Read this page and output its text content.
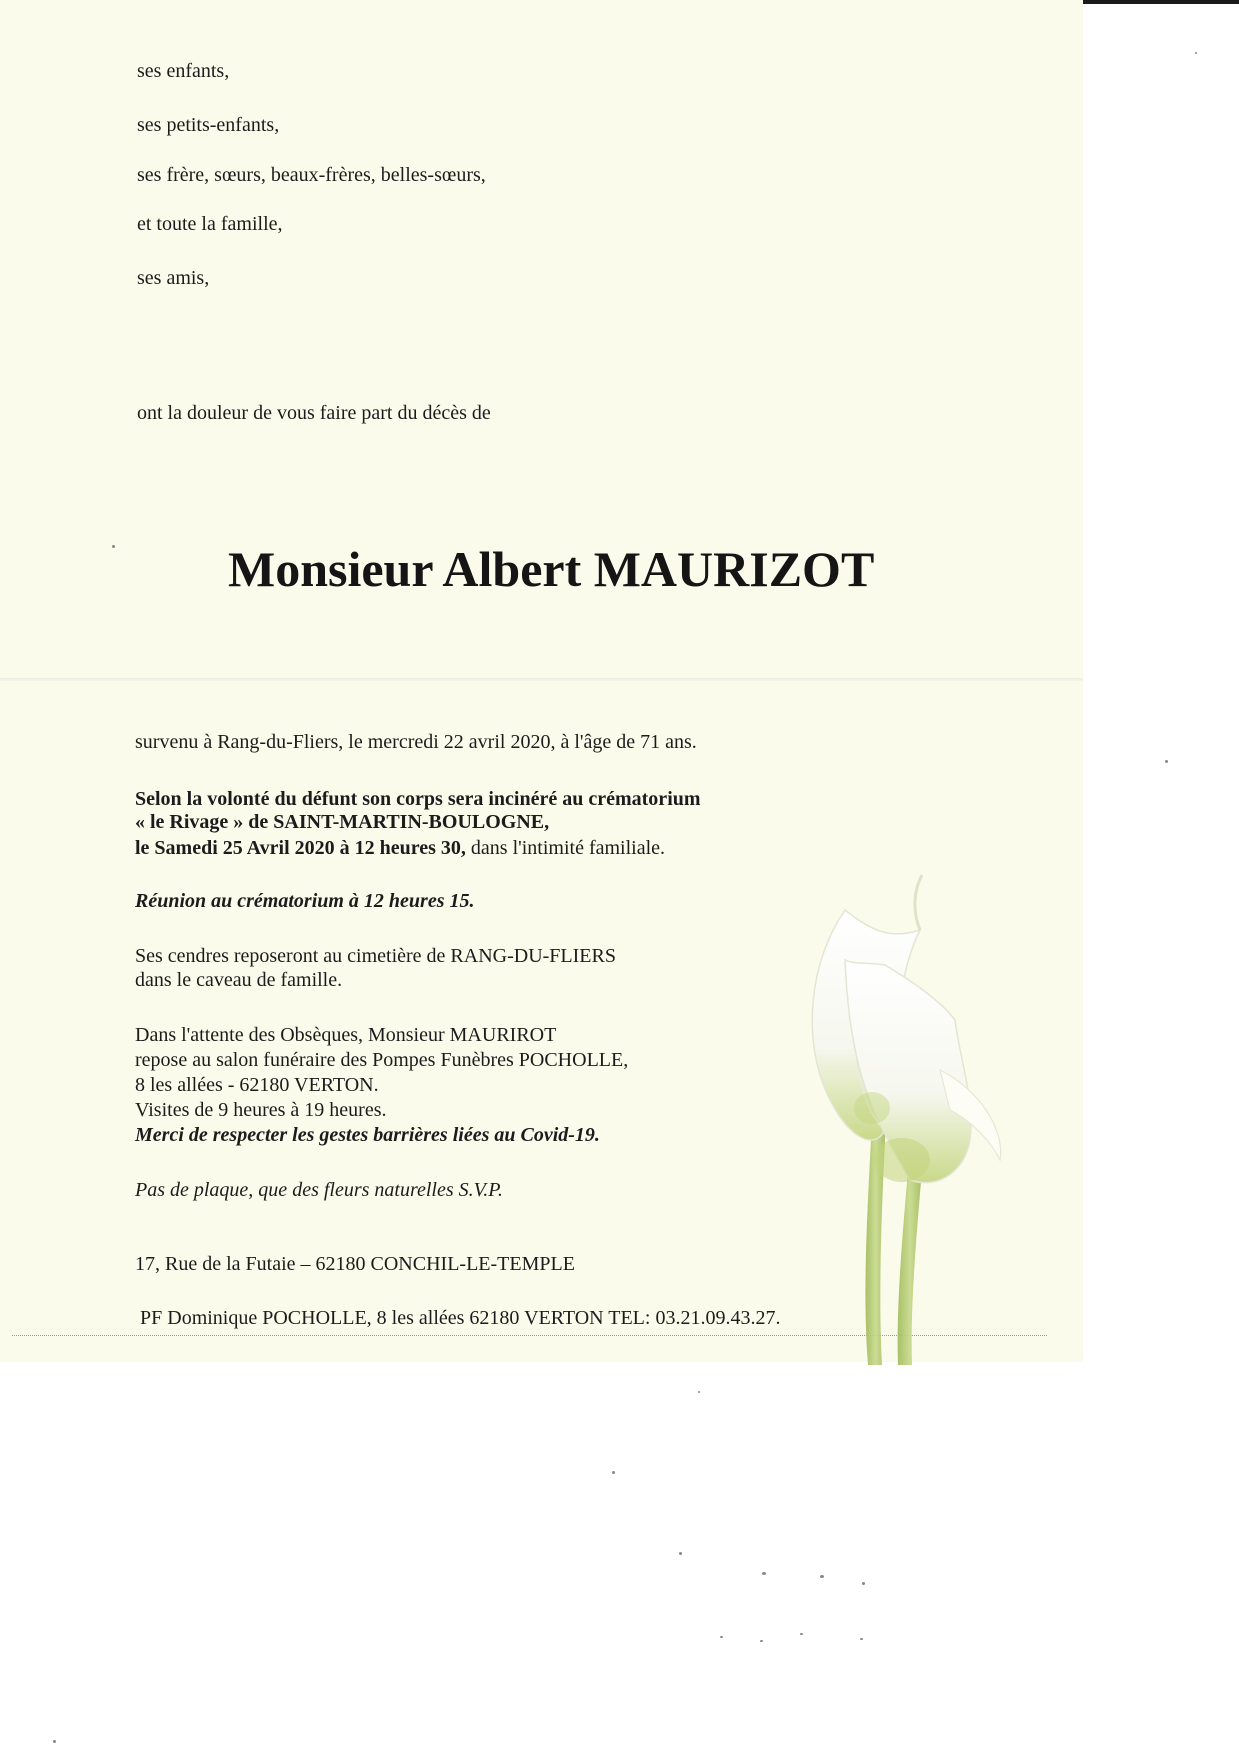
ses enfants,
ses petits-enfants,
ses frère, sœurs, beaux-frères, belles-sœurs,
et toute la famille,
ses amis,
ont la douleur de vous faire part du décès de
Monsieur Albert MAURIZOT
survenu à Rang-du-Fliers, le mercredi 22 avril 2020, à l'âge de 71 ans.
Selon la volonté du défunt son corps sera incinéré au crématorium
« le Rivage » de SAINT-MARTIN-BOULOGNE,
le Samedi 25 Avril 2020 à 12 heures 30, dans l'intimité familiale.
Réunion au crématorium à 12 heures 15.
Ses cendres reposeront au cimetière de RANG-DU-FLIERS
dans le caveau de famille.
Dans l'attente des Obsèques, Monsieur MAURIROT
repose au salon funéraire des Pompes Funèbres POCHOLLE,
8 les allées - 62180 VERTON.
Visites de 9 heures à 19 heures.
Merci de respecter les gestes barrières liées au Covid-19.
Pas de plaque, que des fleurs naturelles S.V.P.
17, Rue de la Futaie – 62180 CONCHIL-LE-TEMPLE
PF Dominique POCHOLLE, 8 les allées 62180 VERTON TEL: 03.21.09.43.27.
